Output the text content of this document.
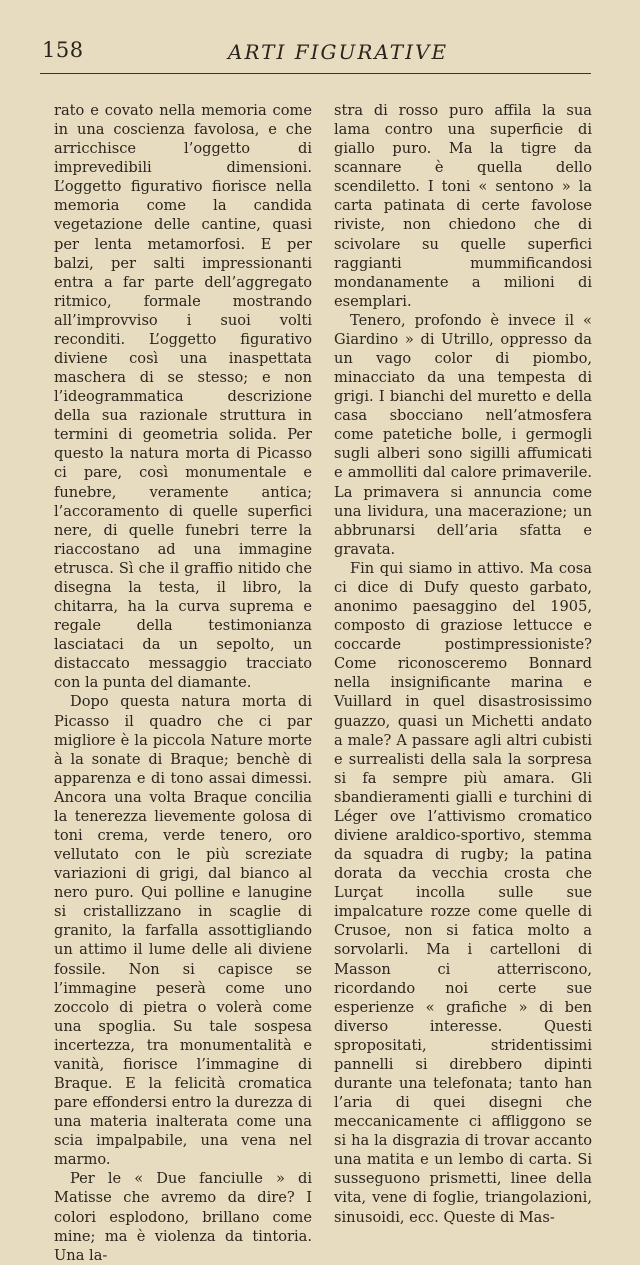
158	ARTI FIGURATIVE

rato e covato nella memoria come in una coscienza favolosa, e che arricchisce l’oggetto di imprevedibili dimensioni. L’oggetto figurativo fiorisce nella memoria come la candida vegetazione delle cantine, quasi per lenta metamorfosi. E per balzi, per salti impressionanti entra a far parte dell’aggregato ritmico, formale mostrando all’improvviso i suoi volti reconditi. L’oggetto figurativo diviene così una inaspettata maschera di se stesso; e non l’ideogrammatica descrizione della sua razionale struttura in termini di geometria solida. Per questo la natura morta di Picasso ci pare, così monumentale e funebre, veramente antica; l’accoramento di quelle superfici nere, di quelle funebri terre la riaccostano ad una immagine etrusca. Sì che il graffio nitido che disegna la testa, il libro, la chitarra, ha la curva suprema e regale della testimonianza lasciataci da un sepolto, un distaccato messaggio tracciato con la punta del diamante.

Dopo questa natura morta di Picasso il quadro che ci par migliore è la piccola Nature morte à la sonate di Braque; benchè di apparenza e di tono assai dimessi. Ancora una volta Braque concilia la tenerezza lievemente golosa di toni crema, verde tenero, oro vellutato con le più screziate variazioni di grigi, dal bianco al nero puro. Qui polline e lanugine si cristallizzano in scaglie di granito, la farfalla assottigliando un attimo il lume delle ali diviene fossile. Non si capisce se l’immagine peserà come uno zoccolo di pietra o volerà come una spoglia. Su tale sospesa incertezza, tra monumentalità e vanità, fiorisce l’immagine di Braque. E la felicità cromatica pare effondersi entro la durezza di una materia inalterata come una scia impalpabile, una vena nel marmo.

Per le « Due fanciulle » di Matisse che avremo da dire? I colori esplodono, brillano come mine; ma è violenza da tintoria. Una la-

stra di rosso puro affila la sua lama contro una superficie di giallo puro. Ma la tigre da scannare è quella dello scendiletto. I toni « sentono » la carta patinata di certe favolose riviste, non chiedono che di scivolare su quelle superfici raggianti mummificandosi mondanamente a milioni di esemplari.

Tenero, profondo è invece il « Giardino » di Utrillo, oppresso da un vago color di piombo, minacciato da una tempesta di grigi. I bianchi del muretto e della casa sbocciano nell’atmosfera come patetiche bolle, i germogli sugli alberi sono sigilli affumicati e ammolliti dal calore primaverile. La primavera si annuncia come una lividura, una macerazione; un abbrunarsi dell’aria sfatta e gravata.

Fin qui siamo in attivo. Ma cosa ci dice di Dufy questo garbato, anonimo paesaggino del 1905, composto di graziose lettucce e coccarde postimpressioniste? Come riconosceremo Bonnard nella insignificante marina e Vuillard in quel disastrosissimo guazzo, quasi un Michetti andato a male? A passare agli altri cubisti e surrealisti della sala la sorpresa si fa sempre più amara. Gli sbandieramenti gialli e turchini di Léger ove l’attivismo cromatico diviene araldico-sportivo, stemma da squadra di rugby; la patina dorata da vecchia crosta che Lurçat incolla sulle sue impalcature rozze come quelle di Crusoe, non si fatica molto a sorvolarli. Ma i cartelloni di Masson ci atterriscono, ricordando noi certe sue esperienze « grafiche » di ben diverso interesse. Questi spropositati, stridentissimi pannelli si direbbero dipinti durante una telefonata; tanto han l’aria di quei disegni che meccanicamente ci affliggono se si ha la disgrazia di trovar accanto una matita e un lembo di carta. Si susseguono prismetti, linee della vita, vene di foglie, triangolazioni, sinusoidi, ecc. Queste di Mas-
